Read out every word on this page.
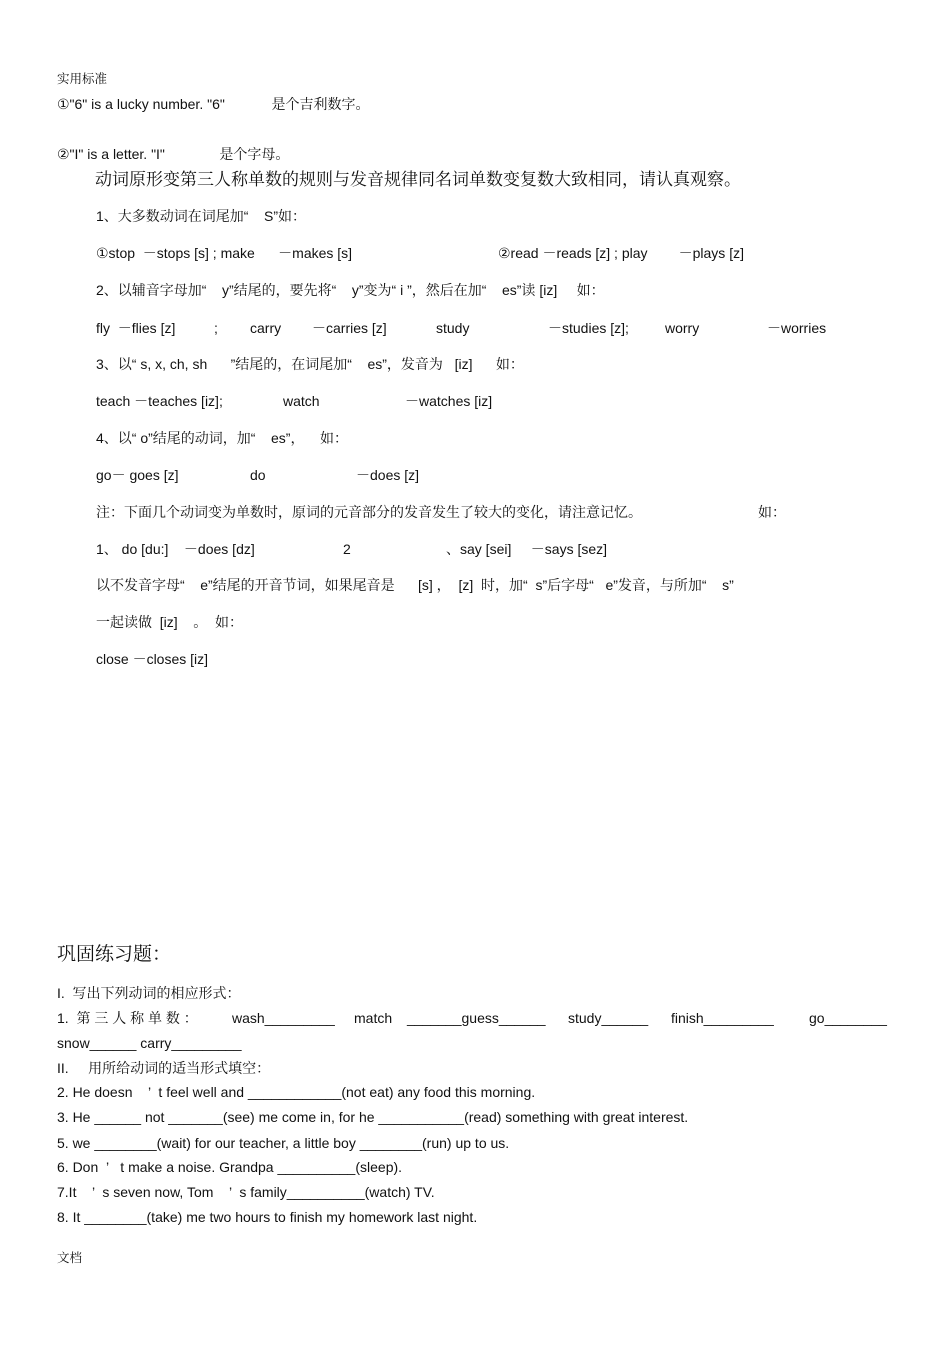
实用标准
①"6" is a lucky number. "6"            是个吉利数字。
②"I" is a letter. "I"              是个字母。
动词原形变第三人称单数的规则与发音规律同名词单数变复数大致相同，请认真观察。
1、大多数动词在词尾加“    S”如：
①stop  －stops [s] ; make      －makes [s]	②read －reads [z] ; play        －plays [z]
2、以辅音字母加“    y”结尾的，要先将“    y”变为“ i ”，然后在加“    es”读 [iz]     如：
fly  －flies [z]	; carry －carries [z]	study	－studies [z];	worry	－worries
3、以“ s, x, ch, sh      ”结尾的，在词尾加“    es”，发音为   [iz]      如：
teach －teaches [iz];	watch	－watches [iz]
4、以“ o”结尾的动词，加“    es”，    如：
go－ goes [z]	do	－does [z]
注：下面几个动词变为单数时，原词的元音部分的发音发生了较大的变化，请注意记忆。	如：
1、 do [du:]    －does [dz]	2	、say [sei]     －says [sez]
以不发音字母“    e”结尾的开音节词，如果尾音是      [s] ，  [z]  时，加“  s”后字母“   e”发音，与所加“    s”
一起读做  [iz]    。  如：
close －closes [iz]
巩固练习题：
I.  写出下列动词的相应形式：
1.  第 三 人 称 单 数 ： wash_________ match _______guess______ study______ finish_________	go________
snow______ carry_________
II.     用所给动词的适当形式填空：
2. He doesn    ’  t feel well and ____________(not eat) any food this morning.
3. He ______ not _______(see) me come in, for he ___________(read) something with great interest.
5. we ________(wait) for our teacher, a little boy ________(run) up to us.
6. Don  ’   t make a noise. Grandpa __________(sleep).
7.It    ’  s seven now, Tom    ’  s family__________(watch) TV.
8. It ________(take) me two hours to finish my homework last night.
文档
